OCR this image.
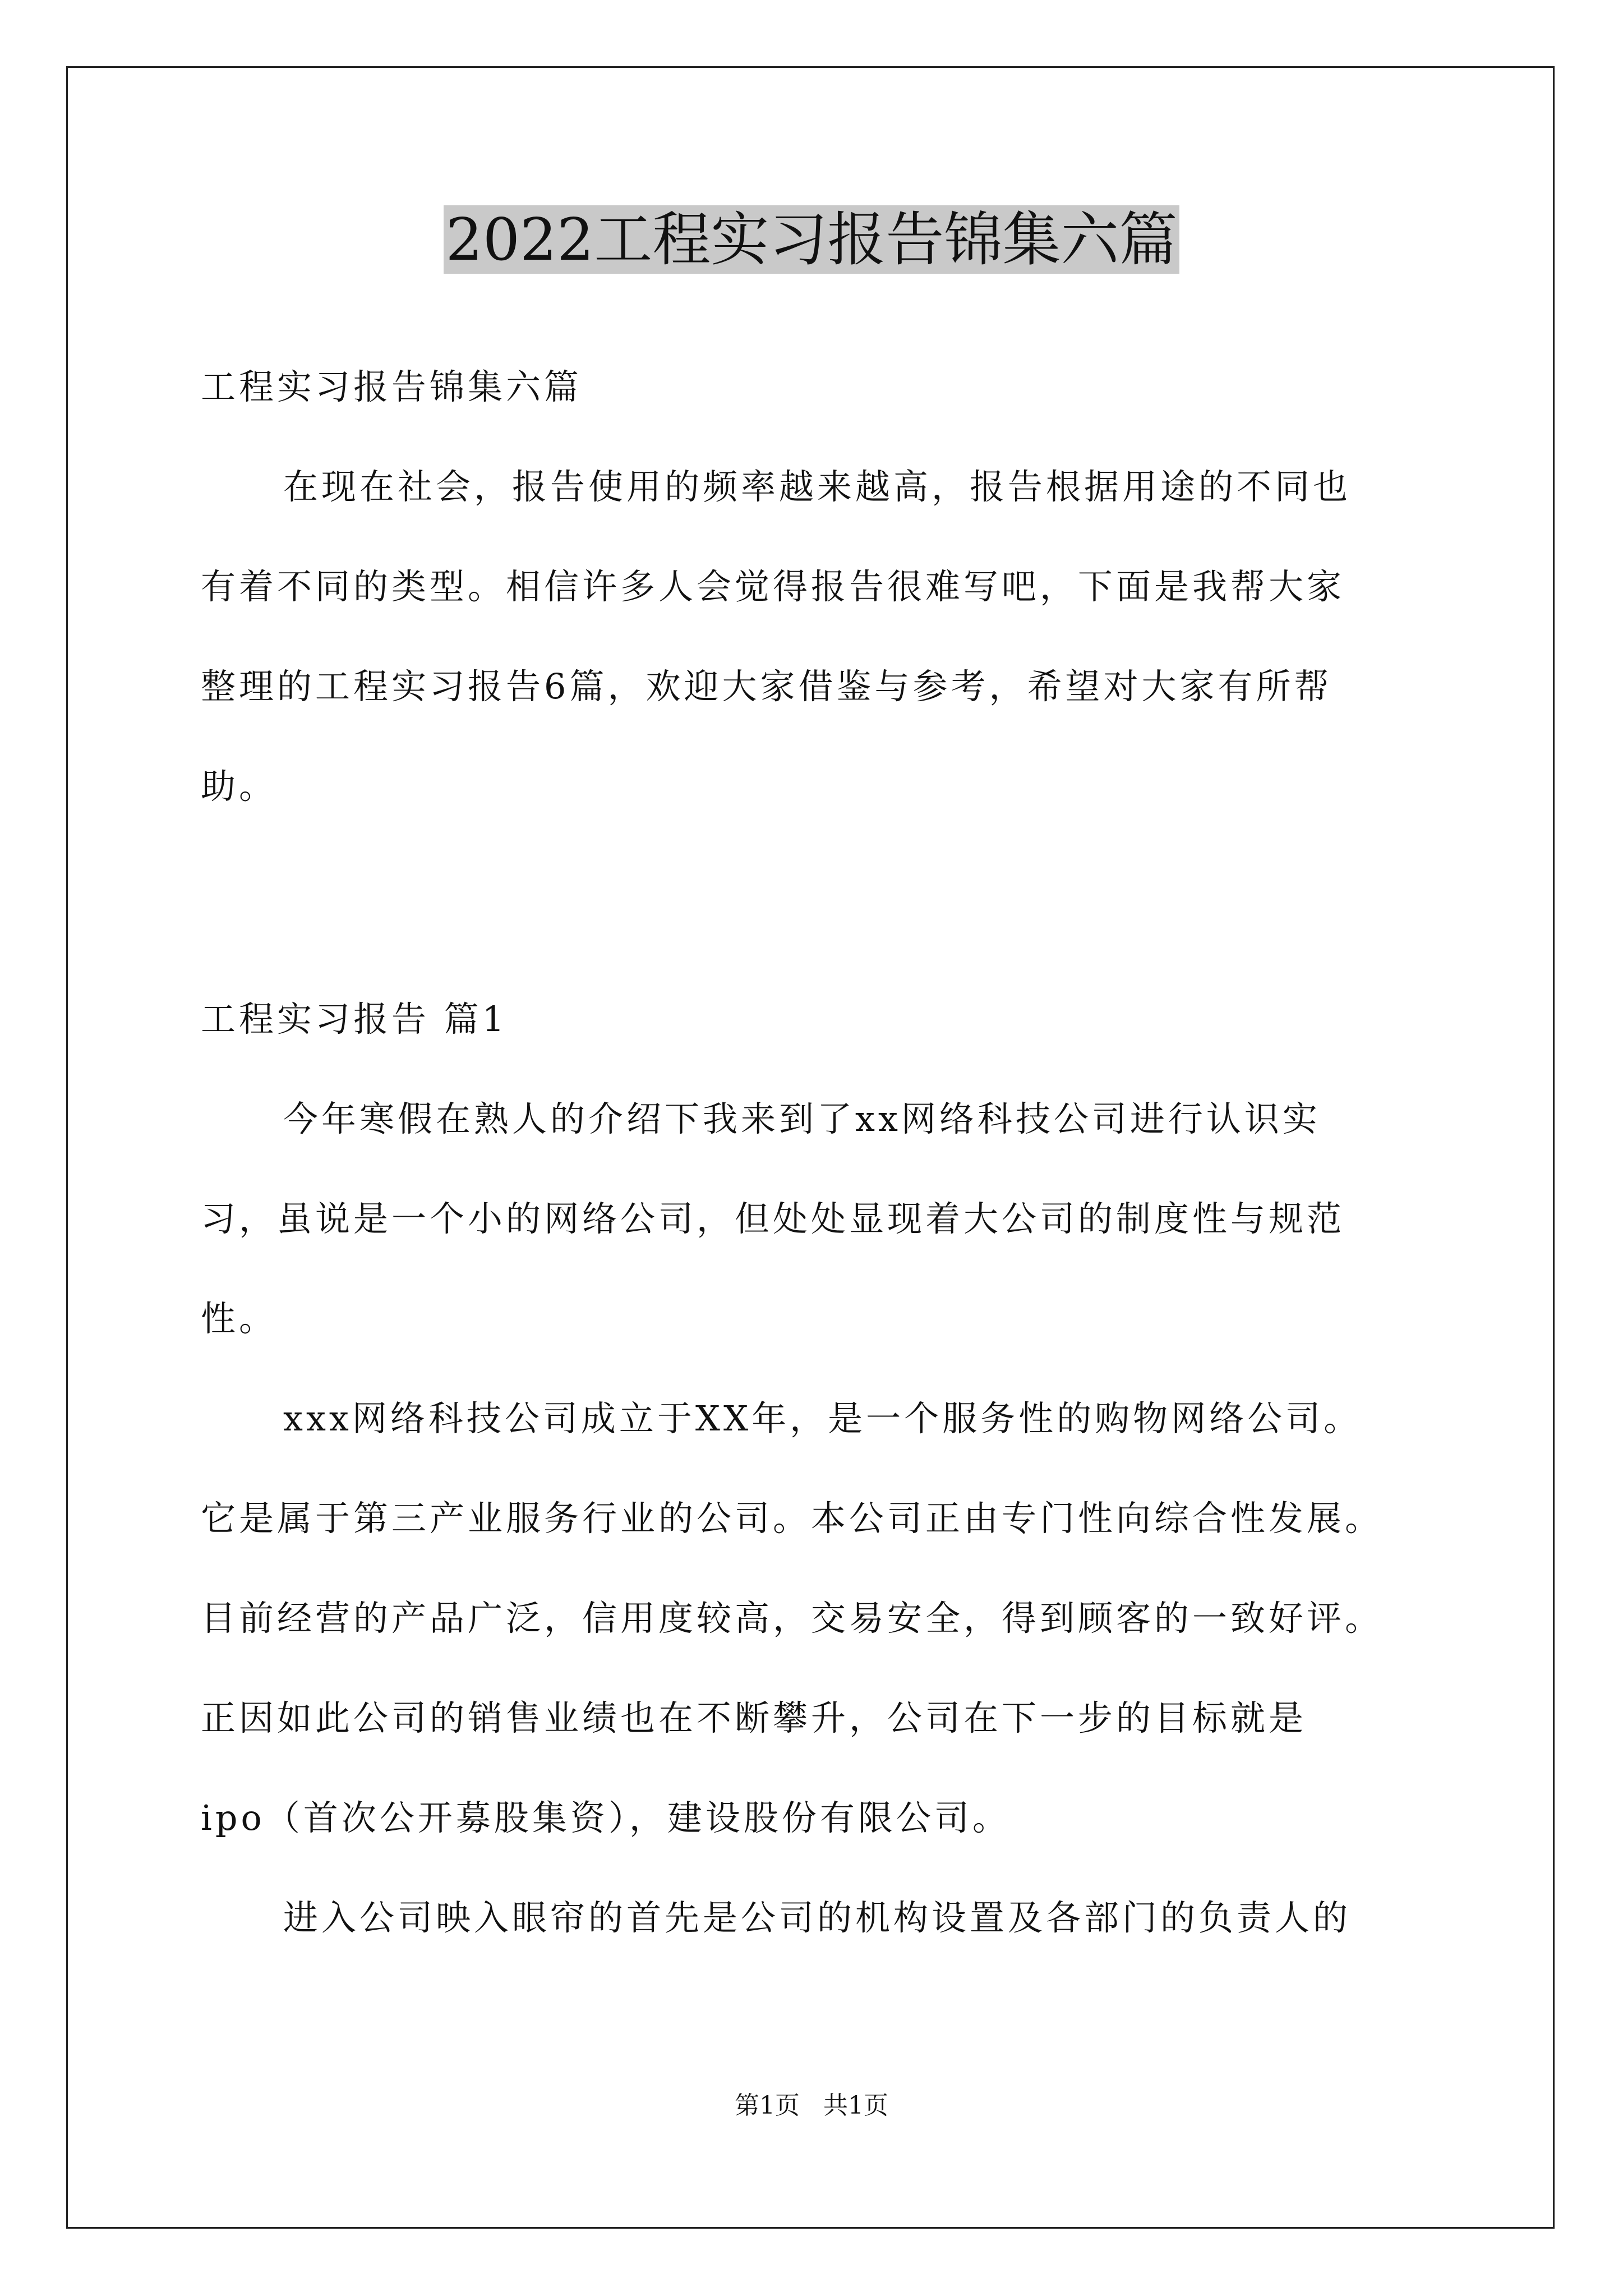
2022工程实习报告锦集六篇

工程实习报告锦集六篇

在现在社会，报告使用的频率越来越高，报告根据用途的不同也

有着不同的类型。相信许多人会觉得报告很难写吧，下面是我帮大家

整理的工程实习报告6篇，欢迎大家借鉴与参考，希望对大家有所帮

助。

工程实习报告 篇1

今年寒假在熟人的介绍下我来到了xx网络科技公司进行认识实

习，虽说是一个小的网络公司，但处处显现着大公司的制度性与规范

性。

xxx网络科技公司成立于XX年，是一个服务性的购物网络公司。

它是属于第三产业服务行业的公司。本公司正由专门性向综合性发展。

目前经营的产品广泛，信用度较高，交易安全，得到顾客的一致好评。

正因如此公司的销售业绩也在不断攀升，公司在下一步的目标就是

ipo（首次公开募股集资），建设股份有限公司。

进入公司映入眼帘的首先是公司的机构设置及各部门的负责人的

第1页   共1页
